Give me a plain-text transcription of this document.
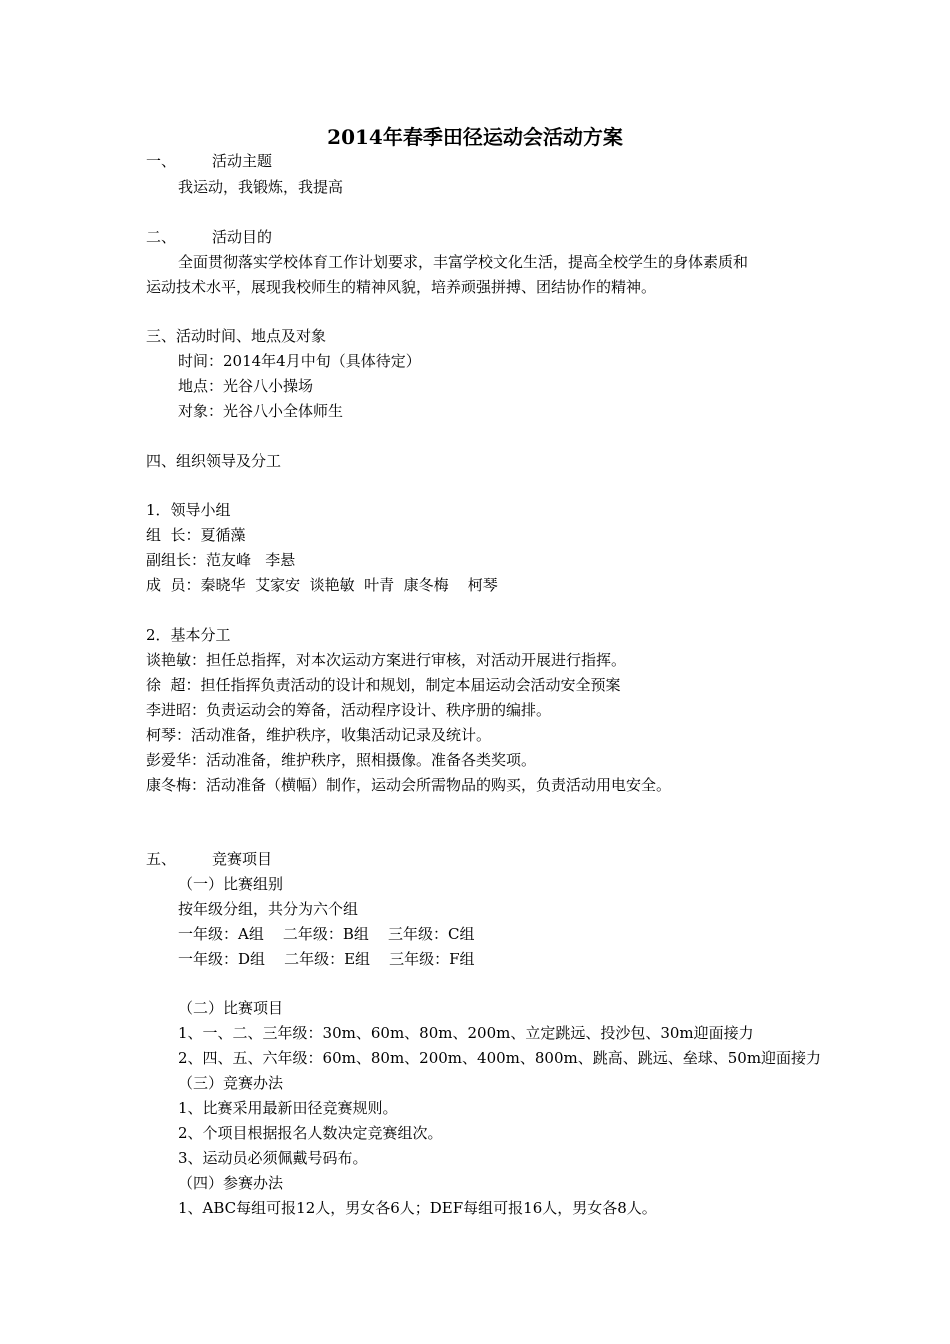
2014年春季田径运动会活动方案
一、 活动主题
我运动，我锻炼，我提高
二、 活动目的
全面贯彻落实学校体育工作计划要求，丰富学校文化生活，提高全校学生的身体素质和
运动技术水平，展现我校师生的精神风貌，培养顽强拼搏、团结协作的精神。
三、活动时间、地点及对象
时间：2014年4月中旬（具体待定）
地点：光谷八小操场
对象：光谷八小全体师生
四、组织领导及分工
1．领导小组
组  长：夏循藻
副组长：范友峰   李悬
成  员：秦晓华  艾家安  谈艳敏  叶青  康冬梅    柯琴
2．基本分工
谈艳敏：担任总指挥，对本次运动方案进行审核，对活动开展进行指挥。
徐  超：担任指挥负责活动的设计和规划，制定本届运动会活动安全预案
李进昭：负责运动会的筹备，活动程序设计、秩序册的编排。
柯琴：活动准备，维护秩序，收集活动记录及统计。
彭爱华：活动准备，维护秩序，照相摄像。准备各类奖项。
康冬梅：活动准备（横幅）制作，运动会所需物品的购买，负责活动用电安全。
五、 竞赛项目
（一）比赛组别
按年级分组，共分为六个组
一年级：A组    二年级：B组    三年级：C组
一年级：D组    二年级：E组    三年级：F组
（二）比赛项目
1、一、二、三年级：30m、60m、80m、200m、立定跳远、投沙包、30m迎面接力
2、四、五、六年级：60m、80m、200m、400m、800m、跳高、跳远、垒球、50m迎面接力
（三）竞赛办法
1、比赛采用最新田径竞赛规则。
2、个项目根据报名人数决定竞赛组次。
3、运动员必须佩戴号码布。
（四）参赛办法
1、ABC每组可报12人，男女各6人；DEF每组可报16人，男女各8人。
